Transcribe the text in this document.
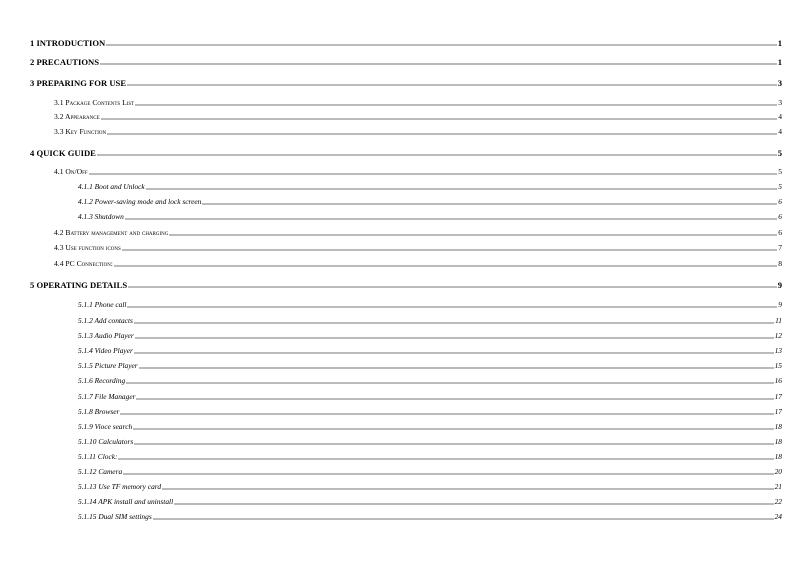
1 INTRODUCTION	1
2 PRECAUTIONS	1
3 PREPARING FOR USE	3
3.1 Package Contents List	3
3.2 Appearance	4
3.3 Key Function	4
4 QUICK GUIDE	5
4.1 On/Off	5
4.1.1 Boot and Unlock	5
4.1.2 Power-saving mode and lock screen	6
4.1.3 Shutdown	6
4.2 Battery management and charging	6
4.3 Use function icons	7
4.4 PC Connection:	8
5 OPERATING DETAILS	9
5.1.1 Phone call	9
5.1.2 Add contacts	11
5.1.3 Audio Player	12
5.1.4 Video Player	13
5.1.5 Picture Player	15
5.1.6 Recording	16
5.1.7 File Manager	17
5.1.8 Browser	17
5.1.9 Vioce search	18
5.1.10 Calculators	18
5.1.11 Clock:	18
5.1.12 Camera	20
5.1.13 Use TF memory card	21
5.1.14 APK install and uninstall	22
5.1.15 Dual SIM settings	24
